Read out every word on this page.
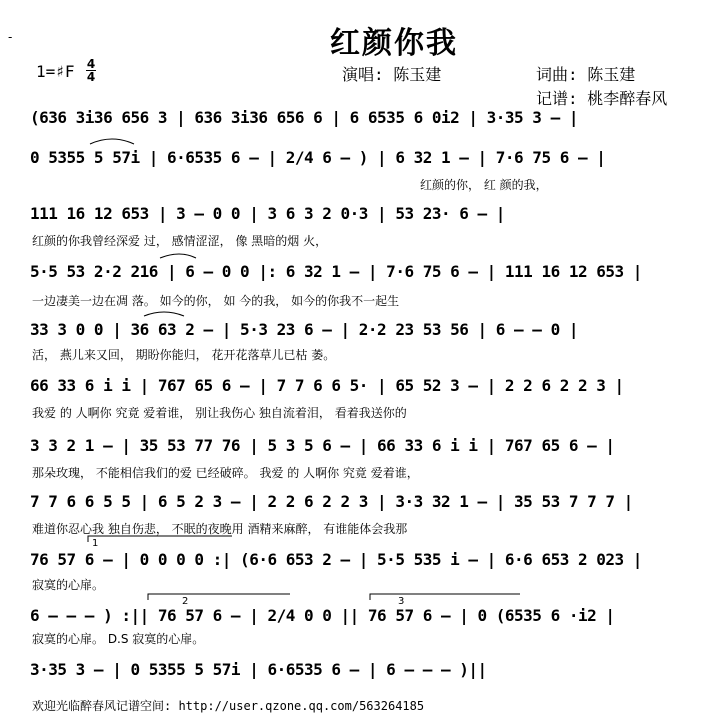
-	红颜你我
1=♯F 4
4	演唱: 陈玉建	词曲: 陈玉建
记谱: 桃李醉春风
(636 3i36 656 3 | 636 3i36 656 6 | 6 6535 6 0i2 | 3·35 3 – |
0 5355 5 57i | 6·6535 6 – | 2/4 6 – ) | 6 32 1 – | 7·6 75 6 – |
红颜的你， 红 颜的我，
111 16 12 653 | 3 – 0 0 | 3 6 3 2 0·3 | 53 23· 6 – |
红颜的你我曾经深爱 过， 感情涩涩， 像 黑暗的烟 火，
5·5 53 2·2 216 | 6 – 0 0 |: 6 32 1 – | 7·6 75 6 – | 111 16 12 653 |
一边凄美一边在凋 落。 如今的你， 如 今的我， 如今的你我不一起生
33 3 0 0 | 36 63 2 – | 5·3 23 6 – | 2·2 23 53 56 | 6 – – 0 |
活， 燕儿来又回， 期盼你能归， 花开花落草儿已枯 萎。
66 33 6 i i | 767 65 6 – | 7 7 6 6 5· | 65 52 3 – | 2 2 6 2 2 3 |
我爱 的 人啊你 究竟 爱着谁， 别让我伤心 独自流着泪， 看着我送你的
3 3 2 1 – | 35 53 77 76 | 5 3 5 6 – | 66 33 6 i i | 767 65 6 – |
那朵玫瑰， 不能相信我们的爱 已经破碎。 我爱 的 人啊你 究竟 爱着谁，
7 7 6 6 5 5 | 6 5 2 3 – | 2 2 6 2 2 3 | 3·3 32 1 – | 35 53 7 7 7 |
难道你忍心我 独自伤悲， 不眠的夜晚用 酒精来麻醉， 有谁能体会我那
76 57 6 – | 0 0 0 0 :| (6·6 653 2 – | 5·5 535 i – | 6·6 653 2 023 |
寂寞的心扉。
6 – – – ) :|| 76 57 6 – | 2/4 0 0 || 76 57 6 – | 0 (6535 6 ·i2 |
寂寞的心扉。 D.S 寂寞的心扉。
3·35 3 – | 0 5355 5 57i | 6·6535 6 – | 6 – – – )||
1
2	3
欢迎光临醉春风记谱空间: http://user.qzone.qq.com/563264185
